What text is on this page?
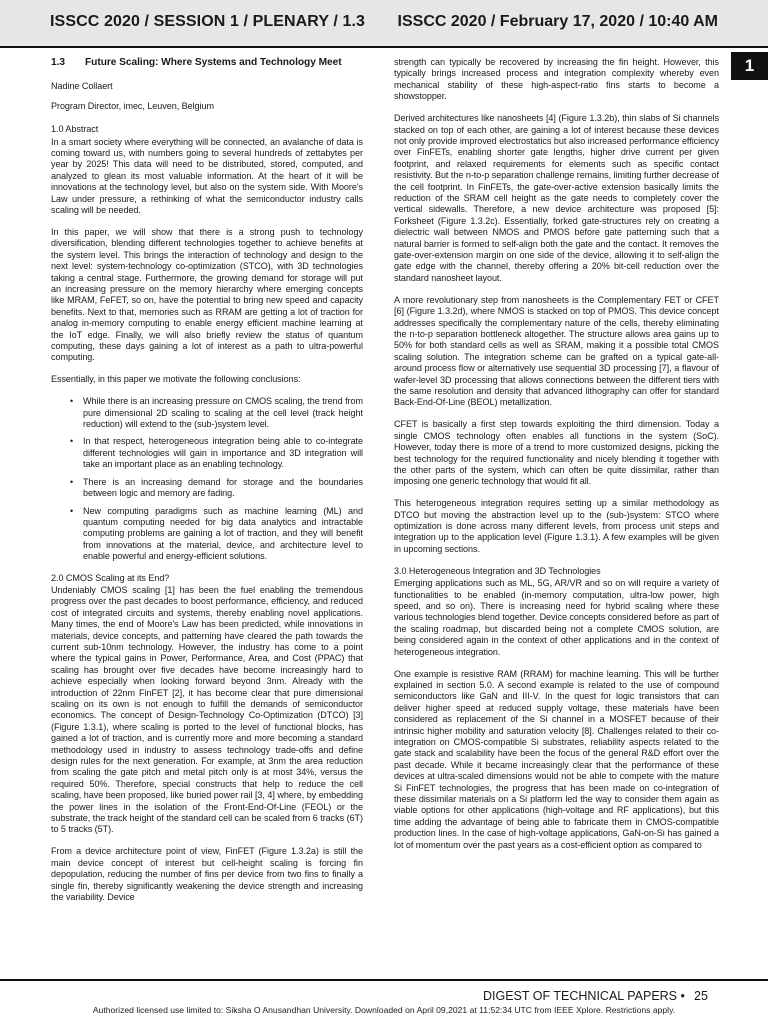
ISSCC 2020 / SESSION 1 / PLENARY / 1.3 ISSCC 2020 / February 17, 2020 / 10:40 AM
1

1.3	Future Scaling: Where Systems and Technology Meet

Nadine Collaert

Program Director, imec, Leuven, Belgium

1.0 Abstract

In a smart society where everything will be connected, an avalanche of data is coming toward us, with numbers going to several hundreds of zettabytes per year by 2025! This data will need to be distributed, stored, computed, and analyzed to glean its most valuable information. At the heart of it will be innovations at the technology level, but also on the system side. With Moore's Law under pressure, a rethinking of what the semiconductor industry calls scaling will be needed.

In this paper, we will show that there is a strong push to technology diversification, blending different technologies together to achieve benefits at the system level. This brings the interaction of technology and design to the next level: system-technology co-optimization (STCO), with 3D technologies taking a central stage. Furthermore, the growing demand for storage will put an increasing pressure on the memory hierarchy where emerging concepts like MRAM, FeFET, so on, have the potential to bring new speed and capacity benefits. Next to that, memories such as RRAM are getting a lot of traction for analog in-memory computing to enable energy efficient machine learning at the IoT edge. Finally, we will also briefly review the status of quantum computing, these days gaining a lot of interest as a path to ultra-powerful computing.

Essentially, in this paper we motivate the following conclusions:

• While there is an increasing pressure on CMOS scaling, the trend from pure dimensional 2D scaling to scaling at the cell level (track height reduction) will extend to the (sub-)system level.
• In that respect, heterogeneous integration being able to co-integrate different technologies will gain in importance and 3D integration will take an important place as an enabling technology.
• There is an increasing demand for storage and the boundaries between logic and memory are fading.
• New computing paradigms such as machine learning (ML) and quantum computing needed for big data analytics and intractable computing problems are gaining a lot of traction, and they will benefit from innovations at the material, device, and architecture level to enable powerful and energy-efficient solutions.

2.0 CMOS Scaling at its End?

Undeniably CMOS scaling [1] has been the fuel enabling the tremendous progress over the past decades to boost performance, efficiency, and reduced cost of integrated circuits and systems, thereby enabling novel applications. Many times, the end of Moore's Law has been predicted, while innovations in materials, device concepts, and patterning have cleared the path towards the current sub-10nm technology. However, the industry has come to a point where the typical gains in Power, Performance, Area, and Cost (PPAC) that scaling has brought over five decades have become increasingly hard to achieve especially when looking forward beyond 3nm. Already with the introduction of 22nm FinFET [2], it has become clear that pure dimensional scaling on its own is not enough to fulfill the demands of semiconductor economics. The concept of Design-Technology Co-Optimization (DTCO) [3] (Figure 1.3.1), where scaling is ported to the level of functional blocks, has gained a lot of traction, and is currently more and more becoming a standard methodology used in industry to assess technology trade-offs and define design rules for the next generation. For example, at 3nm the area reduction from scaling the gate pitch and metal pitch only is at most 34%, versus the required 50%. Therefore, special constructs that help to reduce the cell scaling, have been proposed, like buried power rail [3, 4] where, by embedding the power lines in the isolation of the Front-End-Of-Line (FEOL) or the substrate, the track height of the standard cell can be scaled from 6 tracks (6T) to 5 tracks (5T).

From a device architecture point of view, FinFET (Figure 1.3.2a) is still the main device concept of interest but cell-height scaling is forcing fin depopulation, reducing the number of fins per device from two fins to finally a single fin, thereby significantly weakening the device strength and increasing the variability. Device

strength can typically be recovered by increasing the fin height. However, this typically brings increased process and integration complexity whereby even mechanical stability of these high-aspect-ratio fins starts to become a showstopper.

Derived architectures like nanosheets [4] (Figure 1.3.2b), thin slabs of Si channels stacked on top of each other, are gaining a lot of interest because these devices not only provide improved electrostatics but also increased performance efficiency over FinFETs, enabling shorter gate lengths, higher drive current per given footprint, and relaxed requirements for elements such as specific contact resistivity. But the n-to-p separation challenge remains, limiting further decrease of the cell footprint. In FinFETs, the gate-over-active extension basically limits the reduction of the SRAM cell height as the gate needs to completely cover the vertical sidewalls. Therefore, a new device architecture was proposed [5]: Forksheet (Figure 1.3.2c). Essentially, forked gate-structures rely on creating a dielectric wall between NMOS and PMOS before gate patterning such that a natural barrier is formed to self-align both the gate and the contact. It removes the gate-over-extension margin on one side of the device, allowing it to self-align the gate edge with the channel, thereby offering a 20% bit-cell reduction over the standard nanosheet layout.

A more revolutionary step from nanosheets is the Complementary FET or CFET [6] (Figure 1.3.2d), where NMOS is stacked on top of PMOS. This device concept addresses specifically the complementary nature of the cells, thereby eliminating the n-to-p separation bottleneck altogether. The structure allows area gains up to 50% for both standard cells as well as SRAM, making it a possible total CMOS scaling solution. The integration scheme can be grafted on a typical gate-all-around process flow or alternatively use sequential 3D processing [7], a flavour of wafer-level 3D processing that allows connections between the different tiers with the same resolution and density that advanced lithography can offer for standard Back-End-Of-Line (BEOL) metallization.

CFET is basically a first step towards exploiting the third dimension. Today a single CMOS technology often enables all functions in the system (SoC). However, today there is more of a trend to more customized designs, picking the best technology for the required functionality and nicely blending it together with the other parts of the system, which can often be quite dissimilar, rather than imposing one generic technology that would fit all.

This heterogeneous integration requires setting up a similar methodology as DTCO but moving the abstraction level up to the (sub-)system: STCO where optimization is done across many different levels, from process unit steps and integration up to the application level (Figure 1.3.1). A few examples will be given in upcoming sections.

3.0 Heterogeneous Integration and 3D Technologies

Emerging applications such as ML, 5G, AR/VR and so on will require a variety of functionalities to be enabled (in-memory computation, ultra-low power, high speed, and so on). There is increasing need for hybrid scaling where these various technologies blend together. Device concepts considered before as part of the scaling roadmap, but discarded being not a complete CMOS solution, are being considered again in the context of other applications and in the context of heterogeneous integration.

One example is resistive RAM (RRAM) for machine learning. This will be further explained in section 5.0. A second example is related to the use of compound semiconductors like GaN and III-V. In the quest for logic transistors that can deliver higher speed at reduced supply voltage, these materials have been considered as replacement of the Si channel in a MOSFET because of their intrinsic higher mobility and saturation velocity [8]. Challenges related to their co-integration on CMOS-compatible Si substrates, reliability aspects related to the gate stack and scalability have been the focus of the general R&D effort over the past decade. While it became increasingly clear that the performance of these devices at ultra-scaled dimensions would not be able to compete with the mature Si FinFET technologies, the progress that has been made on co-integration of these dissimilar materials on a Si platform led the way to consider them again as viable options for other applications (high-voltage and RF applications), but this time adding the advantage of being able to fabricate them in CMOS-compatible production lines. In the case of high-voltage applications, GaN-on-Si has gained a lot of momentum over the past years as a cost-efficient option as compared to

DIGEST OF TECHNICAL PAPERS • 25
Authorized licensed use limited to: Siksha O Anusandhan University. Downloaded on April 09,2021 at 11:52:34 UTC from IEEE Xplore. Restrictions apply.
